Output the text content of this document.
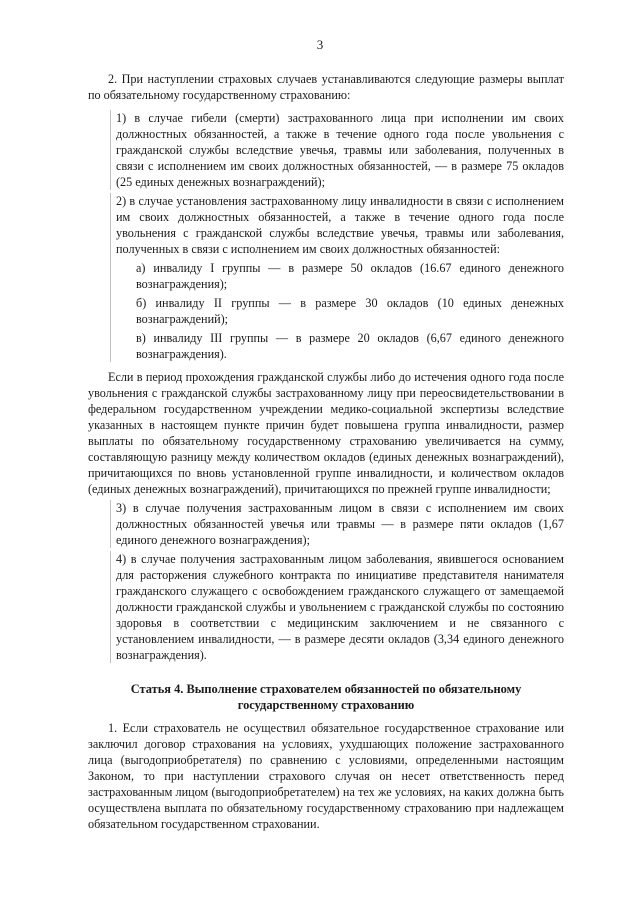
3

2. При наступлении страховых случаев устанавливаются следующие размеры выплат по обязательному государственному страхованию:

1) в случае гибели (смерти) застрахованного лица при исполнении им своих должностных обязанностей, а также в течение одного года после увольнения с гражданской службы вследствие увечья, травмы или заболевания, полученных в связи с исполнением им своих должностных обязанностей, — в размере 75 окладов (25 единых денежных вознаграждений);

2) в случае установления застрахованному лицу инвалидности в связи с исполнением им своих должностных обязанностей, а также в течение одного года после увольнения с гражданской службы вследствие увечья, травмы или заболевания, полученных в связи с исполнением им своих должностных обязанностей:

а) инвалиду I группы — в размере 50 окладов (16.67 единого денежного вознаграждения);

б) инвалиду II группы — в размере 30 окладов (10 единых денежных вознаграждений);

в) инвалиду III группы — в размере 20 окладов (6,67 единого денежного вознаграждения).

Если в период прохождения гражданской службы либо до истечения одного года после увольнения с гражданской службы застрахованному лицу при переосвидетельствовании в федеральном государственном учреждении медико-социальной экспертизы вследствие указанных в настоящем пункте причин будет повышена группа инвалидности, размер выплаты по обязательному государственному страхованию увеличивается на сумму, составляющую разницу между количеством окладов (единых денежных вознаграждений), причитающихся по вновь установленной группе инвалидности, и количеством окладов (единых денежных вознаграждений), причитающихся по прежней группе инвалидности;

3) в случае получения застрахованным лицом в связи с исполнением им своих должностных обязанностей увечья или травмы — в размере пяти окладов (1,67 единого денежного вознаграждения);

4) в случае получения застрахованным лицом заболевания, явившегося основанием для расторжения служебного контракта по инициативе представителя нанимателя гражданского служащего с освобождением гражданского служащего от замещаемой должности гражданской службы и увольнением с гражданской службы по состоянию здоровья в соответствии с медицинским заключением и не связанного с установлением инвалидности, — в размере десяти окладов (3,34 единого денежного вознаграждения).

Статья 4. Выполнение страхователем обязанностей по обязательному
государственному страхованию

1. Если страхователь не осуществил обязательное государственное страхование или заключил договор страхования на условиях, ухудшающих положение застрахованного лица (выгодоприобретателя) по сравнению с условиями, определенными настоящим Законом, то при наступлении страхового случая он несет ответственность перед застрахованным лицом (выгодоприобретателем) на тех же условиях, на каких должна быть осуществлена выплата по обязательному государственному страхованию при надлежащем обязательном государственном страховании.
